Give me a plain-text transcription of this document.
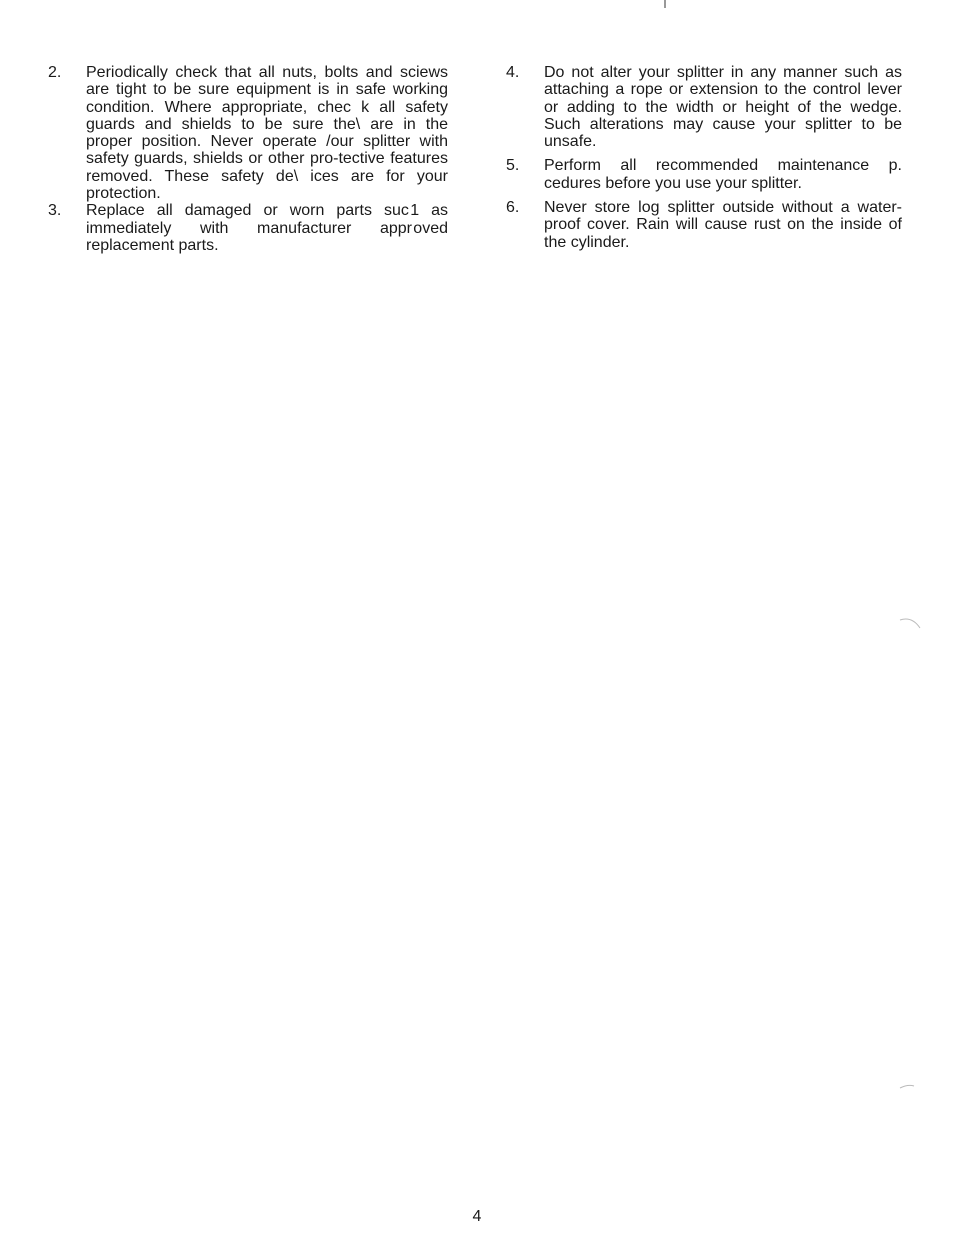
2.	Periodically check that all nuts, bolts and sciews are tight to be sure equipment is in safe working condition. Where appropriate, chec k all safety guards and shields to be sure the\ are in the proper position. Never operate /our splitter with safety guards, shields or other pro-tective features removed. These safety de\ ices are for your protection.
3.	Replace all damaged or worn parts suc 1 as immediately with manufacturer appr oved replacement parts.
4.	Do not alter your splitter in any manner such as attaching a rope or extension to the control lever or adding to the width or height of the wedge. Such alterations may cause your splitter to be unsafe.
5.	Perform all recommended maintenance p. cedures before you use your splitter.
6.	Never store log splitter outside without a water-proof cover. Rain will cause rust on the inside of the cylinder.
4
